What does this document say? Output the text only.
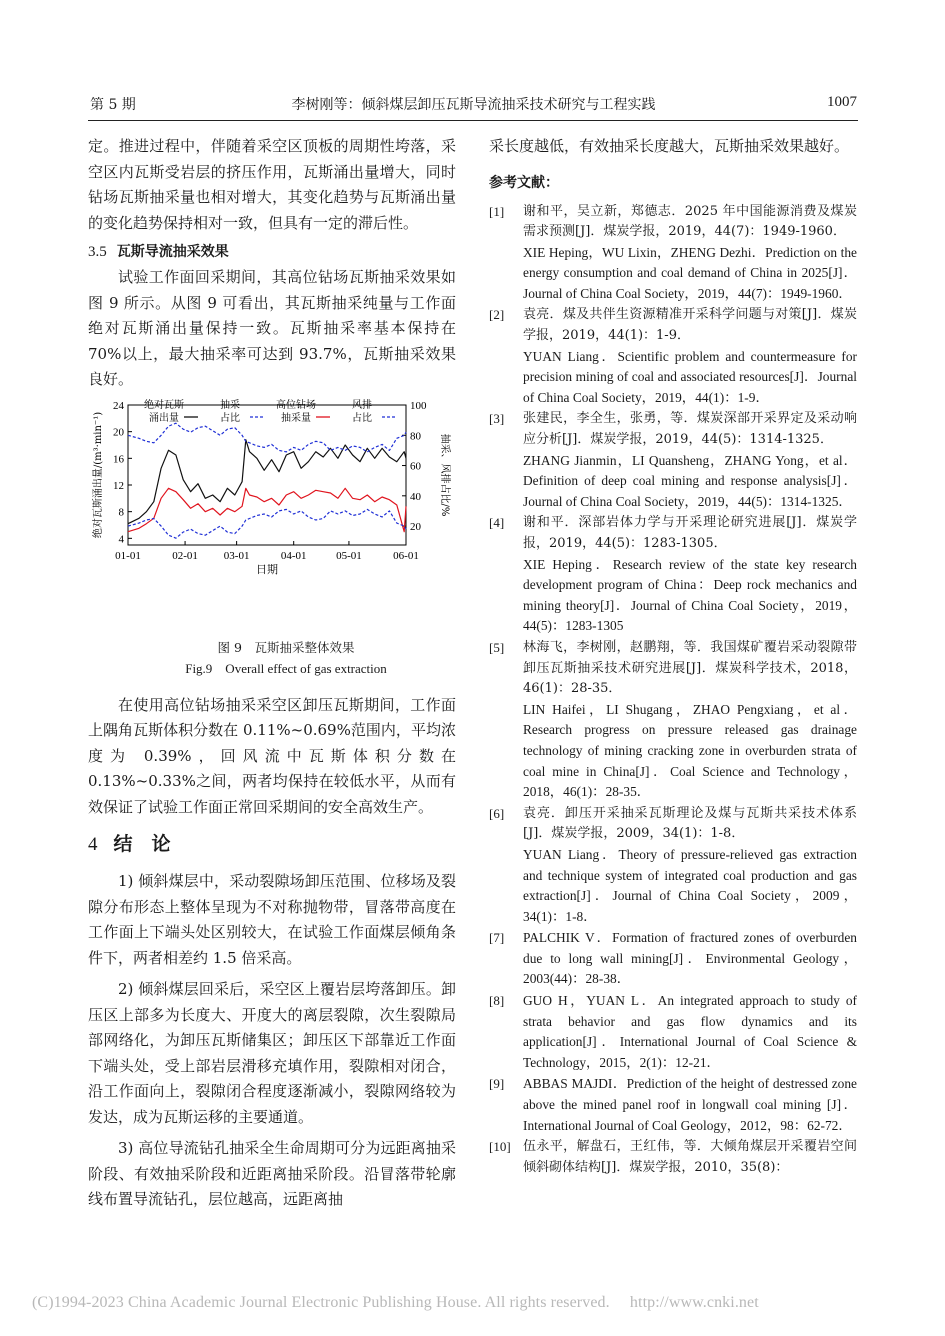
第 5 期	李树刚等：倾斜煤层卸压瓦斯导流抽采技术研究与工程实践	1007

定。推进过程中，伴随着采空区顶板的周期性垮落，采空区内瓦斯受岩层的挤压作用，瓦斯涌出量增大，同时钻场瓦斯抽采量也相对增大，其变化趋势与瓦斯涌出量的变化趋势保持相对一致，但具有一定的滞后性。

3.5 瓦斯导流抽采效果

试验工作面回采期间，其高位钻场瓦斯抽采效果如图 9 所示。从图 9 可看出，其瓦斯抽采纯量与工作面绝对瓦斯涌出量保持一致。瓦斯抽采率基本保持在 70%以上，最大抽采率可达到 93.7%，瓦斯抽采效果良好。

4
8
12
16
20
24
20
40
60
80
100
01-01	02-01 03-01	04-01	05-01	06-01
日期
绝对瓦斯涌出量/(m³·min⁻¹)	抽采、风排占比/%
绝对瓦斯涌出量
抽采占比
高位钻场抽采量
风排占比
图 9　瓦斯抽采整体效果
Fig.9　Overall effect of gas extraction

在使用高位钻场抽采采空区卸压瓦斯期间，工作面上隅角瓦斯体积分数在 0.11%~0.69%范围内，平均浓度为 0.39%，回风流中瓦斯体积分数在 0.13%~0.33%之间，两者均保持在较低水平，从而有效保证了试验工作面正常回采期间的安全高效生产。

4 结　论

1) 倾斜煤层中，采动裂隙场卸压范围、位移场及裂隙分布形态上整体呈现为不对称抛物带，冒落带高度在工作面上下端头处区别较大，在试验工作面煤层倾角条件下，两者相差约 1.5 倍采高。

2) 倾斜煤层回采后，采空区上覆岩层垮落卸压。卸压区上部多为长度大、开度大的离层裂隙，次生裂隙局部网络化，为卸压瓦斯储集区；卸压区下部靠近工作面下端头处，受上部岩层滑移充填作用，裂隙相对闭合，沿工作面向上，裂隙闭合程度逐渐减小，裂隙网络较为发达，成为瓦斯运移的主要通道。

3) 高位导流钻孔抽采全生命周期可分为远距离抽采阶段、有效抽采阶段和近距离抽采阶段。沿冒落带轮廓线布置导流钻孔，层位越高，远距离抽

采长度越低，有效抽采长度越大，瓦斯抽采效果越好。

参考文献：
[1] 谢和平，吴立新，郑德志．2025 年中国能源消费及煤炭需求预测[J]．煤炭学报，2019，44(7)：1949-1960．
XIE Heping，WU Lixin，ZHENG Dezhi．Prediction on the energy consumption and coal demand of China in 2025[J]．Journal of China Coal Society，2019，44(7)：1949-1960．
[2] 袁亮．煤及共伴生资源精准开采科学问题与对策[J]．煤炭学报，2019，44(1)：1-9．
YUAN Liang．Scientific problem and countermeasure for precision mining of coal and associated resources[J]．Journal of China Coal Society，2019，44(1)：1-9．
[3] 张建民，李全生，张勇，等．煤炭深部开采界定及采动响应分析[J]．煤炭学报，2019，44(5)：1314-1325．
ZHANG Jianmin，LI Quansheng，ZHANG Yong，et al．Definition of deep coal mining and response analysis[J]．Journal of China Coal Society，2019，44(5)：1314-1325．
[4] 谢和平．深部岩体力学与开采理论研究进展[J]．煤炭学报，2019，44(5)：1283-1305．
XIE Heping．Research review of the state key research development program of China：Deep rock mechanics and mining theory[J]．Journal of China Coal Society，2019，44(5)：1283-1305
[5] 林海飞，李树刚，赵鹏翔，等．我国煤矿覆岩采动裂隙带卸压瓦斯抽采技术研究进展[J]．煤炭科学技术，2018，46(1)：28-35．
LIN Haifei，LI Shugang，ZHAO Pengxiang，et al．Research progress on pressure released gas drainage technology of mining cracking zone in overburden strata of coal mine in China[J]．Coal Science and Technology，2018，46(1)：28-35．
[6] 袁亮．卸压开采抽采瓦斯理论及煤与瓦斯共采技术体系[J]．煤炭学报，2009，34(1)：1-8．
YUAN Liang．Theory of pressure-relieved gas extraction and technique system of integrated coal production and gas extraction[J]．Journal of China Coal Society，2009，34(1)：1-8．
[7] PALCHIK V．Formation of fractured zones of overburden due to long wall mining[J]．Environmental Geology，2003(44)：28-38．
[8] GUO H，YUAN L．An integrated approach to study of strata behavior and gas flow dynamics and its application[J]．International Journal of Coal Science & Technology，2015，2(1)：12-21．
[9] ABBAS MAJDI．Prediction of the height of destressed zone above the mined panel roof in longwall coal mining [J]．International Journal of Coal Geology，2012，98：62-72．
[10] 伍永平，解盘石，王红伟，等．大倾角煤层开采覆岩空间倾斜砌体结构[J]．煤炭学报，2010，35(8)：
(C)1994-2023 China Academic Journal Electronic Publishing House. All rights reserved.　 http://www.cnki.net
